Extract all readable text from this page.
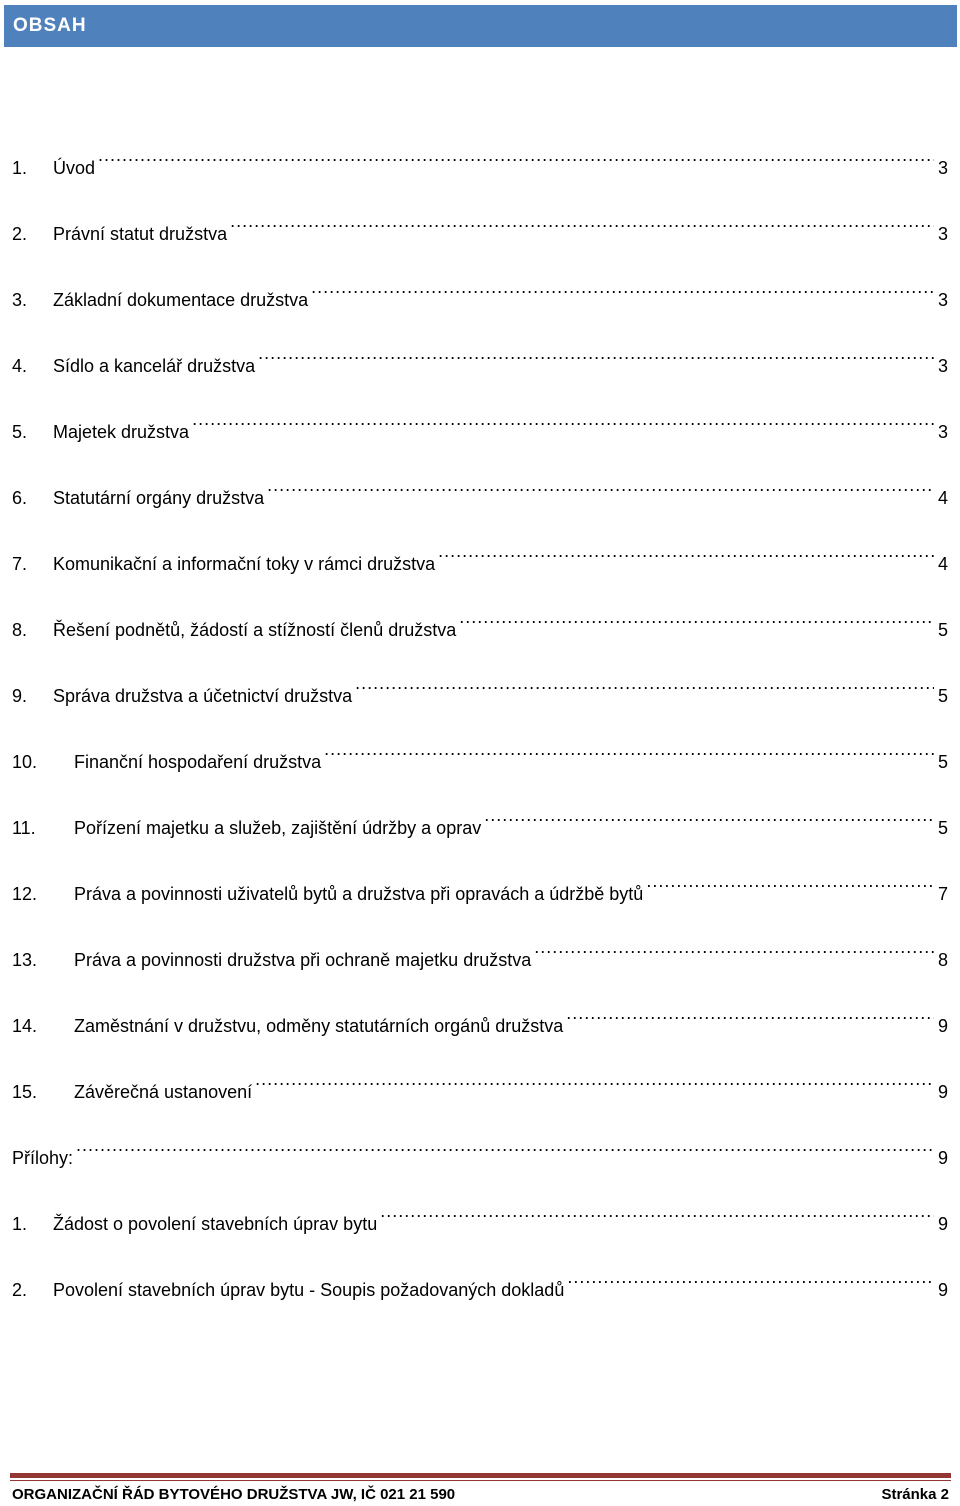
OBSAH
1.	Úvod .....	3
2.	Právní statut družstva .....	3
3.	Základní dokumentace družstva .....	3
4.	Sídlo a kancelář družstva .....	3
5.	Majetek družstva .....	3
6.	Statutární orgány družstva .....	4
7.	Komunikační a informační toky v rámci družstva .....	4
8.	Řešení podnětů, žádostí a stížností členů družstva .....	5
9.	Správa družstva a účetnictví družstva .....	5
10.	Finanční hospodaření družstva .....	5
11.	Pořízení majetku a služeb, zajištění údržby a oprav .....	5
12.	Práva a povinnosti uživatelů bytů a družstva při opravách a údržbě bytů .....	7
13.	Práva a povinnosti družstva při ochraně majetku družstva .....	8
14.	Zaměstnání v družstvu, odměny statutárních orgánů družstva .....	9
15.	Závěrečná ustanovení .....	9
Přílohy: .....	9
1.	Žádost o povolení stavebních úprav bytu .....	9
2.	Povolení stavebních úprav bytu - Soupis požadovaných dokladů .....	9
ORGANIZAČNÍ ŘÁD BYTOVÉHO DRUŽSTVA JW, IČ 021 21 590	Stránka 2
